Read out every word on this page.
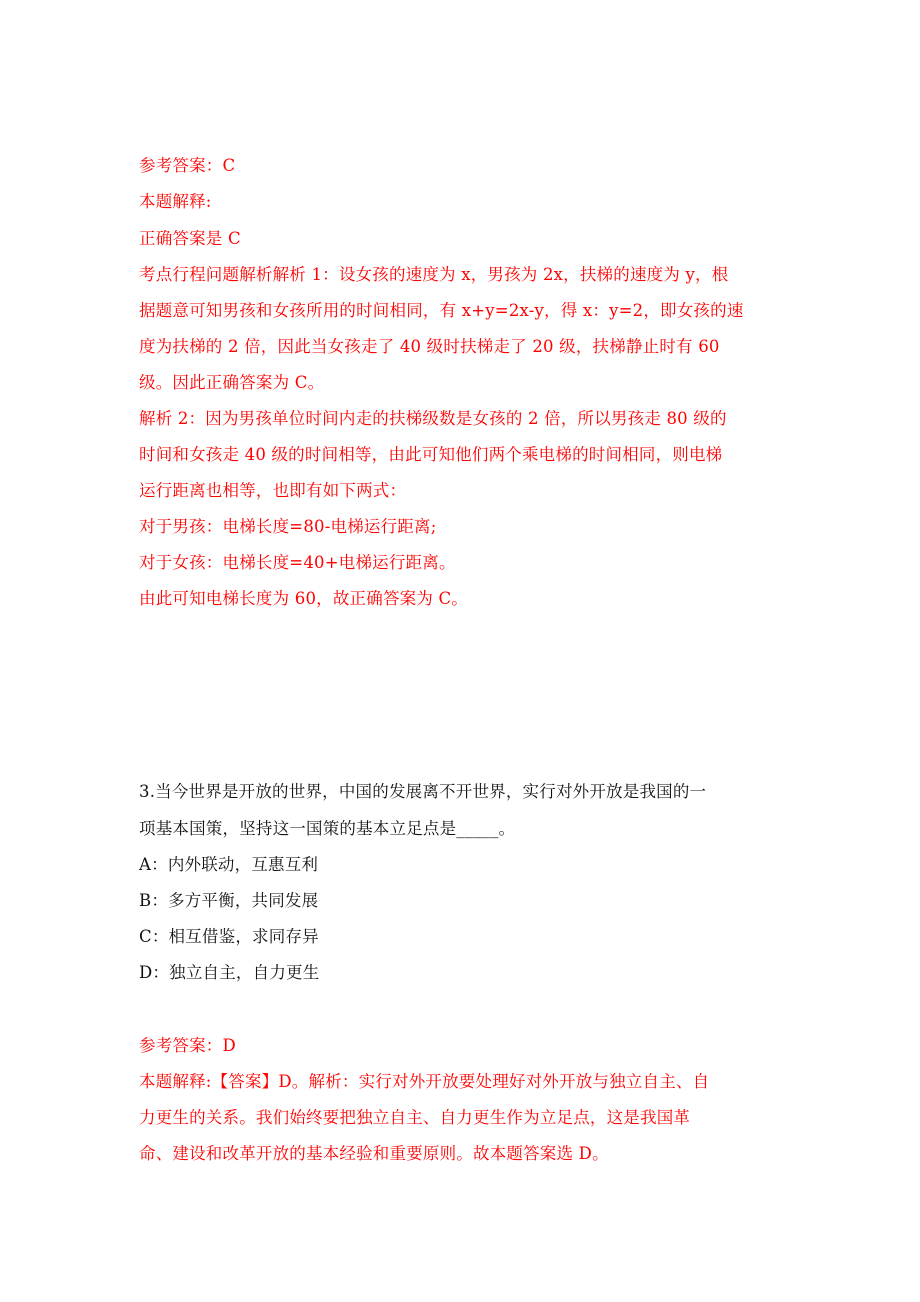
参考答案：C
本题解释:
正确答案是 C
考点行程问题解析解析 1：设女孩的速度为 x，男孩为 2x，扶梯的速度为 y，根
据题意可知男孩和女孩所用的时间相同，有 x+y=2x-y，得 x：y=2，即女孩的速
度为扶梯的 2 倍，因此当女孩走了 40 级时扶梯走了 20 级，扶梯静止时有 60
级。因此正确答案为 C。
解析 2：因为男孩单位时间内走的扶梯级数是女孩的 2 倍，所以男孩走 80 级的
时间和女孩走 40 级的时间相等，由此可知他们两个乘电梯的时间相同，则电梯
运行距离也相等，也即有如下两式：
对于男孩：电梯长度=80-电梯运行距离;
对于女孩：电梯长度=40+电梯运行距离。
由此可知电梯长度为 60，故正确答案为 C。
3.当今世界是开放的世界，中国的发展离不开世界，实行对外开放是我国的一
项基本国策，坚持这一国策的基本立足点是_____。
A：内外联动，互惠互利
B：多方平衡，共同发展
C：相互借鉴，求同存异
D：独立自主，自力更生
参考答案：D
本题解释:【答案】D。解析：实行对外开放要处理好对外开放与独立自主、自
力更生的关系。我们始终要把独立自主、自力更生作为立足点，这是我国革
命、建设和改革开放的基本经验和重要原则。故本题答案选 D。
